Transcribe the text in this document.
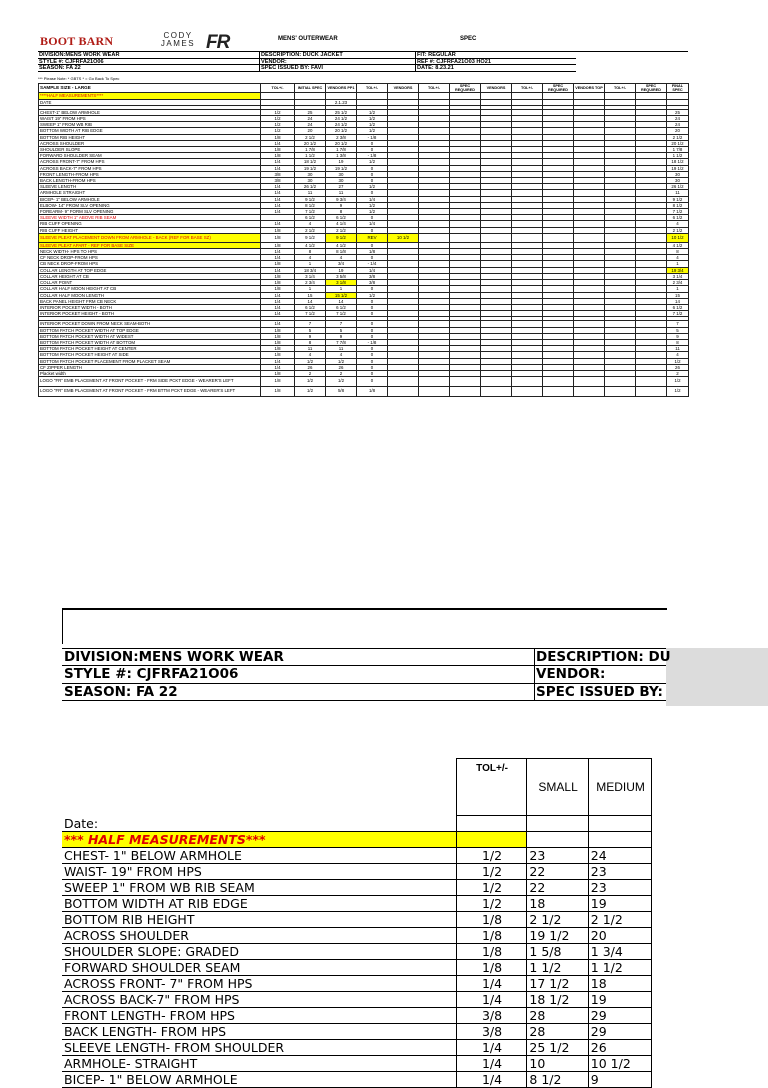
BOOT BARN	CODY
JAMES FR	MENS' OUTERWEAR	SPEC
DIVISION:MENS WORK WEAR
STYLE #: CJFRFA21O06
SEASON: FA 22
DESCRIPTION: DUCK JACKET
VENDOR:
SPEC ISSUED BY: FAVI
FIT: REGULAR
REF #: CJFRFA21O03 HO21
DATE: 8.23.21
*** Please Note: * GBTS * = Go Back To Spec
SAMPLE SIZE - LARGE	TOL+/-	INITIAL SPEC	VENDORS PP1	TOL+/-	VENDORS	TOL+/-	SPEC REQUIRED	VENDORS	TOL+/-	SPEC REQUIRED	VENDORS TOP	TOL+/-	SPEC REQUIRED	FINAL SPEC
****HALF MEASUREMENTS****														
DATE			2.1.23											

CHEST-1" BELOW ARMHOLE	1/2	25	25 1/2	1/2										25
WAIST 19" FROM HPS	1/2	24	24 1/2	1/2										24
SWEEP 1" FROM WB RIB	1/2	24	24 1/2	1/2										24
BOTTOM WIDTH AT RIB EDGE	1/2	20	20 1/2	1/2										20
BOTTOM RIB HEIGHT	1/8	2 1/2	2 3/8	- 1/8										2 1/2
ACROSS SHOULDER	1/4	20 1/2	20 1/2	0										20 1/2
SHOULDER SLOPE	1/8	1 7/8	1 7/8	0										1 7/8
FORWARD SHOULDER SEAM	1/8	1 1/2	1 3/8	- 1/8										1 1/2
ACROSS FRONT-7" FROM HPS	1/4	18 1/2	19	1/2										18 1/2
ACROSS BACK-7" FROM HPS	1/4	19 1/2	19 1/2	0										19 1/2
FRONT LENGTH-FROM HPS	3/8	30	30	0										30
BACK LENGTH-FROM HPS	3/8	30	30	0										30
SLEEVE LENGTH	1/4	26 1/2	27	1/2										26 1/2
ARMHOLE STRAIGHT	1/4	11	11	0										11
BICEP- 1" BELOW ARMHOLE	1/4	9 1/2	9 3/4	1/4										9 1/2
ELBOW- 14" FROM SLV OPENING	1/4	8 1/2	9	1/2										8 1/2
FOREARM- 9" FORM SLV OPENING	1/4	7 1/2	8	1/2										7 1/2
SLEEVE WIDTH 1" ABOVE RIB SEAM		6 1/2	6 1/2	0										6 1/2
RIB CUFF OPENING	1/4	4	4 1/4	1/4										4
RIB CUFF HEIGHT	1/8	2 1/2	2 1/2	0										2 1/2
SLEEVE PLEAT PLACEMENT DOWN FROM ARMHOLE - BACK (REF FOR BASE SZ)	1/8	9 1/2	9 1/2	REV	10 1/2									10 1/2
SLEEVE PLEAT APART - REF FOR BASE SIZE	1/8	4 1/2	4 1/2	0										4 1/2
NECK WIDTH- HPS TO HPS	1/4	8	8 1/8	1/8										8
CF NECK DROP-FROM HPS	1/4	4	4	0										4
CB NECK DROP-FROM HPS	1/8	1	3/4	- 1/4										1
COLLAR LENGTH AT TOP EDGE	1/4	18 3/4	19	1/4										19 3/4
COLLAR HEIGHT AT CB	1/8	3 1/4	3 5/8	3/8										3 1/4
COLLAR POINT	1/8	2 3/4	3 1/8	3/8										2 3/4
COLLAR HALF MOON HEIGHT AT CB	1/8	1	1	0										1
COLLAR HALF MOON LENGTH	1/4	15	15 1/2	1/2										15
BACK PANEL HEIGHT FRM CB NECK	1/4	14	14	0										14
INTERIOR POCKET WIDTH - BOTH	1/4	6 1/2	6 1/2	0										6 1/2
INTERIOR POCKET HEIGHT - BOTH	1/4	7 1/2	7 1/2	0										7 1/2

INTERIOR POCKET DOWN FROM NECK SEAM-BOTH	1/4	7	7	0										7
BOTTOM PATCH POCKET WIDTH AT TOP EDGE	1/8	5	5	0										5
BOTTOM PATCH POCKET WIDTH AT WIDEST	1/8	9	9	0										9
BOTTOM PATCH POCKET WIDTH AT BOTTOM	1/8	8	7 7/8	- 1/8										8
BOTTOM PATCH POCKET HEIGHT AT CENTER	1/8	11	11	0										11
BOTTOM PATCH POCKET HEIGHT AT SIDE	1/8	4	4	0										4
BOTTOM PATCH POCKET PLACEMENT FROM PLACKET SEAM	1/4	1/2	1/2	0										1/2
CF ZIPPER LENGTH	1/4	26	26	0										26
Placket width	1/8	2	2	0										2
LOGO "FR" EMB PLACEMENT AT FRONT POCKET - FRM SIDE PCKT EDGE - WEARER'S LEFT	1/8	1/2	1/2	0										1/2
LOGO "FR" EMB PLACEMENT AT FRONT POCKET - FRM BTTM PCKT EDGE - WEARER'S LEFT	1/8	1/2	5/8	1/8										1/2
DIVISION:MENS WORK WEAR	DESCRIPTION: DU
STYLE #: CJFRFA21O06	VENDOR:
SEASON: FA 22	SPEC ISSUED BY:
	TOL+/-	SMALL	MEDIUM	
Date:				
*** HALF MEASUREMENTS***				
CHEST- 1" BELOW ARMHOLE	1/2	23	24	
WAIST- 19" FROM HPS	1/2	22	23	
SWEEP 1" FROM WB RIB SEAM	1/2	22	23	
BOTTOM WIDTH AT RIB EDGE	1/2	18	19	
BOTTOM RIB HEIGHT	1/8	2 1/2	2 1/2	
ACROSS SHOULDER	1/8	19 1/2	20	
SHOULDER SLOPE: GRADED	1/8	1 5/8	1 3/4	
FORWARD SHOULDER SEAM	1/8	1 1/2	1 1/2	
ACROSS FRONT- 7" FROM HPS	1/4	17 1/2	18	
ACROSS BACK-7" FROM HPS	1/4	18 1/2	19	
FRONT LENGTH- FROM HPS	3/8	28	29	
BACK LENGTH- FROM HPS	3/8	28	29	
SLEEVE LENGTH- FROM SHOULDER	1/4	25 1/2	26	
ARMHOLE- STRAIGHT	1/4	10	10 1/2	
BICEP- 1" BELOW ARMHOLE	1/4	8 1/2	9	
